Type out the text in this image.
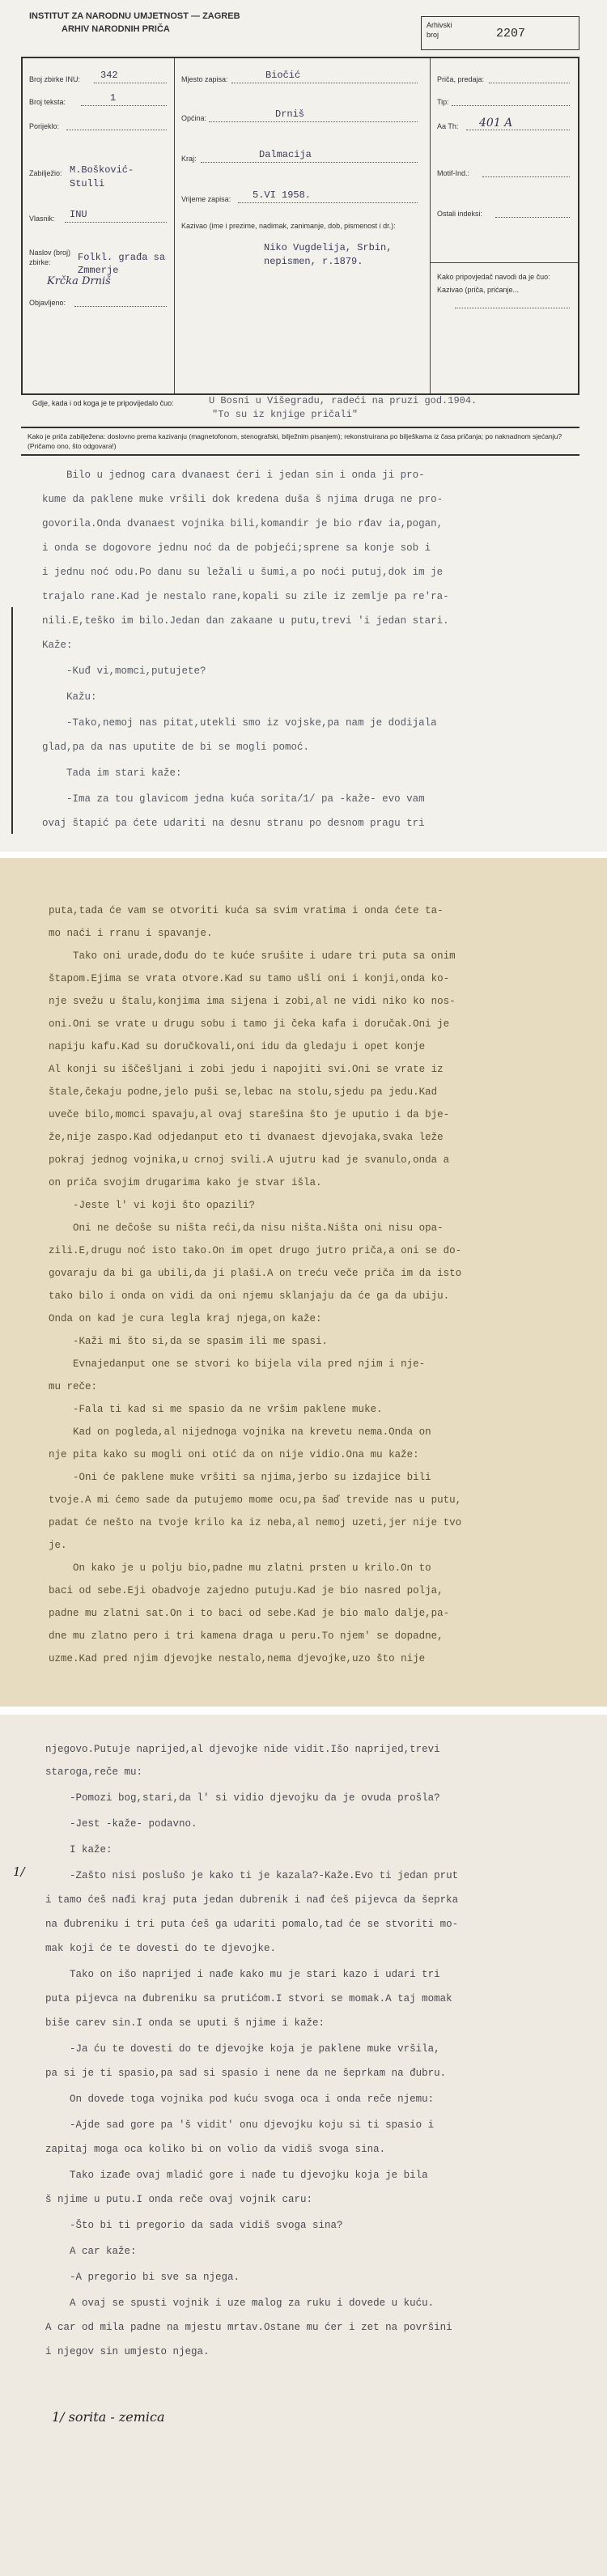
INSTITUT ZA NARODNU UMJETNOST — ZAGREB
ARHIV NARODNIH PRIČA	Arhivski
broj	2207
Broj zbirke INU: 342
Broj teksta:	1
Porijeklo:
Zabilježio: M.Bošković-Stulli
Vlasnik: INU
Naslov (broj) zbirke:	Folkl. građa sa Zmmerje
Krčka Drniš
Objavljeno:
Mjesto zapisa:	Biočić
Općina:	Drniš
Kraj:	Dalmacija
Vrijeme zapisa: 5.VI 1958.
Kazivao (ime i prezime, nadimak, zanimanje, dob, pismenost i dr.):
Niko Vugdelija, Srbin, nepismen, r.1879.
Priča, predaja:
Tip:
Aa Th: 401 A
Motif-Ind.:
Ostali indeksi:
Kako pripovjedač navodi da je čuo: Kazivao (priča, prićanje...
Gdje, kada i od koga je te pripovijedalo čuo:	U Bosni u Višegradu, radeći na pruzi god.1904.
"To su iz knjige pričali"
Kako je priča zabilježena: doslovno prema kazivanju (magnetofonom, stenografski, bilježnim pisanjem); rekonstruirana po bilješkama iz časa pričanja; po naknadnom sjećanju? (Pričamo ono, što odgovara!)
Bilo u jednog cara dvanaest ćeri i jedan sin i onda ji pro-
kume da paklene muke vršili dok kredena duša š njima druga ne pro-
govorila.Onda dvanaest vojnika bili,komandir je bio rđav ia,pogan,
i onda se dogovore jednu noć da de pobjeći;sprene sa konje sob i
i jednu noć odu.Po danu su ležali u šumi,a po noći putuj,dok im je
trajalo rane.Kad je nestalo rane,kopali su zile iz zemlje pa re'ra-
nili.E,teško im bilo.Jedan dan zakaane u putu,trevi 'i jedan stari.
Kaže:
-Kuđ vi,momci,putujete?
Kažu:
-Tako,nemoj nas pitat,utekli smo iz vojske,pa nam je dodijala
glad,pa da nas uputite de bi se mogli pomoć.
Tada im stari kaže:
-Ima za tou glavicom jedna kuća sorita/1/ pa -kaže- evo vam
ovaj štapić pa ćete udariti na desnu stranu po desnom pragu tri
puta,tada će vam se otvoriti kuća sa svim vratima i onda ćete ta-
mo naći i rranu i spavanje.
Tako oni urade,dođu do te kuće srušite i udare tri puta sa onim
štapom.Ejima se vrata otvore.Kad su tamo ušli oni i konji,onda ko-
nje svežu u štalu,konjima ima sijena i zobi,al ne vidi niko ko nos-
oni.Oni se vrate u drugu sobu i tamo ji čeka kafa i doručak.Oni je
napiju kafu.Kad su doručkovali,oni idu da gledaju i opet konje
Al konji su iščešljani i zobi jedu i napojiti svi.Oni se vrate iz
štale,čekaju podne,jelo puši se,lebac na stolu,sjedu pa jedu.Kad
uveče bilo,momci spavaju,al ovaj starešina što je uputio i da bje-
že,nije zaspo.Kad odjedanput eto ti dvanaest djevojaka,svaka leže
pokraj jednog vojnika,u crnoj svili.A ujutru kad je svanulo,onda a
on priča svojim drugarima kako je stvar išla.
-Jeste l' vi koji što opazili?
Oni ne dečoše su ništa reći,da nisu ništa.Ništa oni nisu opa-
zili.E,drugu noć isto tako.On im opet drugo jutro priča,a oni se do-
govaraju da bi ga ubili,da ji plaši.A on treću veče priča im da isto
tako bilo i onda on vidi da oni njemu sklanjaju da će ga da ubiju.
Onda on kad je cura legla kraj njega,on kaže:
-Kaži mi što si,da se spasim ili me spasi.
Evnajedanput one se stvori ko bijela vila pred njim i nje-
mu reče:
-Fala ti kad si me spasio da ne vršim paklene muke.
Kad on pogleda,al nijednoga vojnika na krevetu nema.Onda on
nje pita kako su mogli oni otić da on nije vidio.Ona mu kaže:
-Oni će paklene muke vršiti sa njima,jerbo su izdajice bili
tvoje.A mi ćemo sade da putujemo mome ocu,pa šaď trevide nas u putu,
padat će nešto na tvoje krilo ka iz neba,al nemoj uzeti,jer nije tvo
je.
On kako je u polju bio,padne mu zlatni prsten u krilo.On to
baci od sebe.Eji obadvoje zajedno putuju.Kad je bio nasred polja,
padne mu zlatni sat.On i to baci od sebe.Kad je bio malo dalje,pa-
dne mu zlatno pero i tri kamena draga u peru.To njem' se dopadne,
uzme.Kad pred njim djevojke nestalo,nema djevojke,uzo što nije
1/
njegovo.Putuje naprijed,al djevojke nide vidit.Išo naprijed,trevi
staroga,reče mu:
-Pomozi bog,stari,da l' si vidio djevojku da je ovuda prošla?
-Jest -kaže- podavno.
I kaže:
-Zašto nisi poslušo je kako ti je kazala?-Kaže.Evo ti jedan prut
i tamo ćeš nađi kraj puta jedan dubrenik i nađ ćeš pijevca da šeprka
na đubreniku i tri puta ćeš ga udariti pomalo,tad će se stvoriti mo-
mak koji će te dovesti do te djevojke.
Tako on išo naprijed i nađe kako mu je stari kazo i udari tri
puta pijevca na đubreniku sa prutićom.I stvori se momak.A taj momak
biše carev sin.I onda se uputi š njime i kaže:
-Ja ću te dovesti do te djevojke koja je paklene muke vršila,
pa si je ti spasio,pa sad si spasio i nene da ne šeprkam na đubru.
On dovede toga vojnika pod kuću svoga oca i onda reče njemu:
-Ajde sad gore pa 'š vidit' onu djevojku koju si ti spasio i
zapitaj moga oca koliko bi on volio da vidiš svoga sina.
Tako izađe ovaj mladić gore i nađe tu djevojku koja je bila
š njime u putu.I onda reče ovaj vojnik caru:
-Što bi ti pregorio da sada vidiš svoga sina?
A car kaže:
-A pregorio bi sve sa njega.
A ovaj se spusti vojnik i uze malog za ruku i dovede u kuću.
A car od mila padne na mjestu mrtav.Ostane mu ćer i zet na površini
i njegov sin umjesto njega.
1/ sorita - zemica
